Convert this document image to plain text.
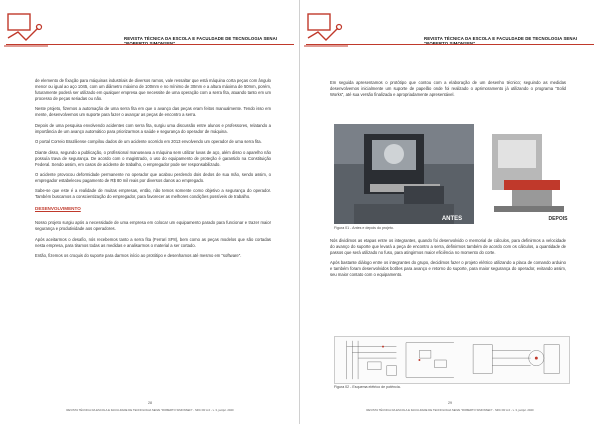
REVISTA TÉCNICA DA ESCOLA E FACULDADE DE TECNOLOGIA SENAI

de elemento de fixação para máquinas industriais de diversos ramos, vale ressaltar que está máquina corta peças com ângulo menor ou igual ao aço 1045, com um diâmetro máximo de 100mm e no mínimo de 30mm e a altura máxima de 50mm, porém, futuramente poderá ser utilizado em qualquer empresa que necessite de uma operação com a serra fita, atuando tanto em um processo de peças seriadas ou não.

Neste projeto, fizemos a automação de uma serra fita em que o avanço das peças eram feitos manualmente. Tendo isso em mente, desenvolvemos um suporte para fazer o avançar as peças de encontro a serra.

Depois de uma pesquisa envolvendo acidentes com serra fita, surgiu uma discussão entre alunos e professores, relatando a importância de um avanço automático para priorizarmos a saúde e segurança do operador de máquina.

O portal Correio Braziliense compilou dados de um acidente ocorrido em 2013 envolvendo um operador de uma serra fita.

Diante disso, segundo a publicação, o profissional manuseava a máquina sem utilizar luvas de aço, além disso o aparelho não possuía trava de segurança. De acordo com o magistrado, o uso do equipamento de proteção é garantido na Constituição Federal. Sendo assim, em casos de acidente de trabalho, o empregador pode ser responsabilizado.

O acidente provocou deformidade permanente no operador que acabou perdendo dois dedos de sua mão, sendo assim, o empregador estabeleceu pagamento de R$ 80 mil reais por diversos danos ao empregado.

Sabe-se que este é a realidade de muitas empresas, então, não temos somente como objetivo a segurança do operador. Também buscamos a conscientização do empregador, para favorecer as melhores condições possíveis de trabalho.

DESENVOLVIMENTO

Nosso projeto surgiu após a necessidade de uma empresa em colocar um equipamento parado para funcionar e trazer maior segurança e produtividade aos operadores.

Após aceitarmos o desafio, nós recebemos tanto a serra fita (Ferrari SF8), bem como as peças modelos que são cortadas nesta empresa, para tiramos todas as medidas e analisarmos o material a ser cortado.

Então, fizemos os croquis do suporte para darmos início ao protótipo e desenhamos até mesmo em "software".

28
REVISTA TÉCNICA DA ESCOLA E FACULDADE DE TECNOLOGIA SENAI "ROBERTO SIMONSEN" - SRC FR A.0 - v. 3, jan/jul. 2020
REVISTA TÉCNICA DA ESCOLA E FACULDADE DE TECNOLOGIA SENAI

Em seguida apresentamos o protótipo que contou com a elaboração de um desenho técnico; seguindo as medidas desenvolvemos inicialmente um suporte de papelão onde foi realizado o aprimoramento já utilizando o programa "Solid Works", até sua versão finalizada e apropriadamente apresentável.

ANTES	DEPOIS
Figura 01 - Antes e depois do projeto.

Nós dividimos as etapas entre os integrantes, quando foi desenvolvido o memorial de cálculos, para definirmos a velocidade do avanço do suporte que levará a peça de encontro a serra, definirmos também de acordo com os cálculos, a quantidade de passos que será utilizado no fuso, para atingirmos maior eficiência no momento do corte.

Após bastante diálogo entre os integrantes do grupo, decidimos fazer o projeto elétrico utilizando a placa de comando arduino e também foram desenvolvidos botões para avanço e retorno do suporte, para maior segurança do operador, evitando assim, seu maior contato com o equipamento.

Figura 02 - Esquema elétrico de potência.
29
REVISTA TÉCNICA DA ESCOLA E FACULDADE DE TECNOLOGIA SENAI "ROBERTO SIMONSEN" - SRC FR A.0 - v. 3, jan/jul. 2020
